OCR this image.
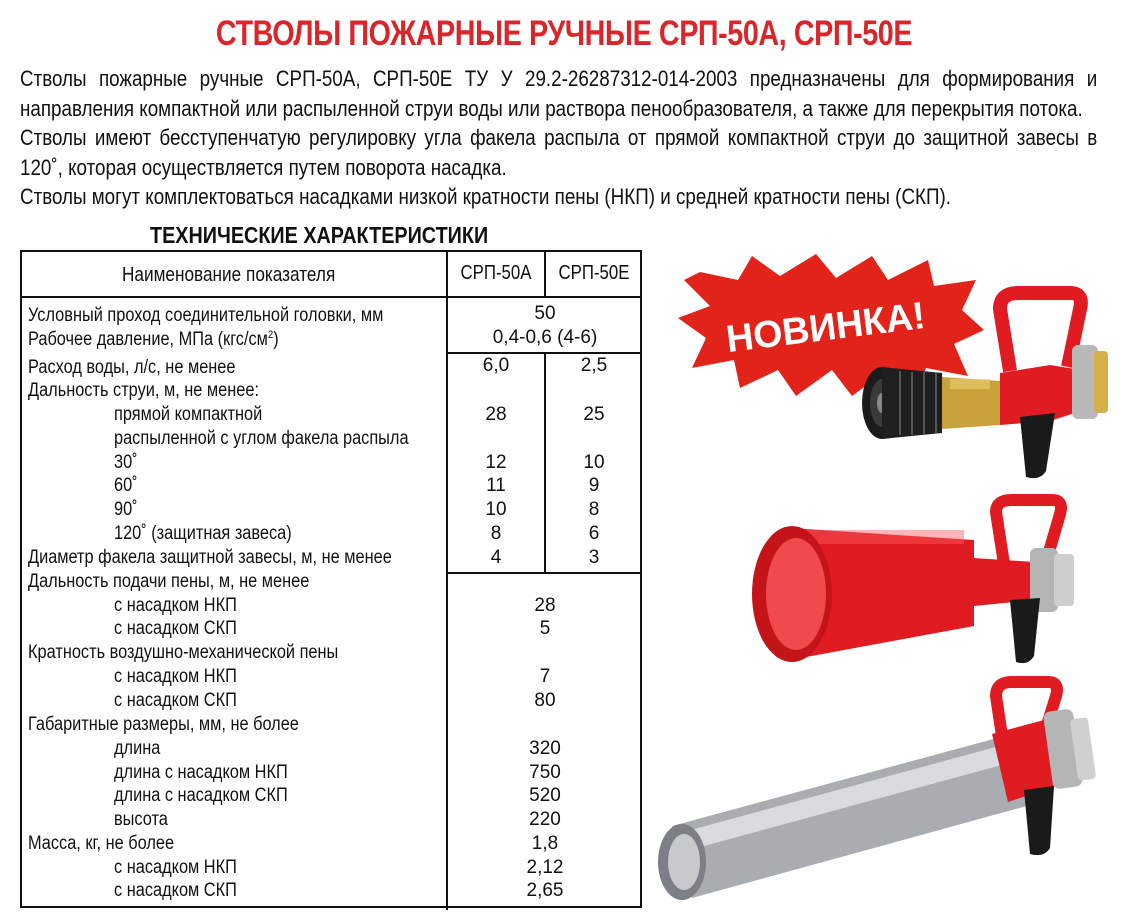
СТВОЛЫ ПОЖАРНЫЕ РУЧНЫЕ СРП-50А, СРП-50Е

Стволы пожарные ручные СРП-50А, СРП-50Е ТУ У 29.2-26287312-014-2003 предназначены для формирования и направления компактной или распыленной струи воды или раствора пенообразователя, а также для перекрытия потока.

Стволы имеют бесступенчатую регулировку угла факела распыла от прямой компактной струи до защитной завесы в 120˚, которая осуществляется путем поворота насадка.

Стволы могут комплектоваться насадками низкой кратности пены (НКП) и средней кратности пены (СКП).

ТЕХНИЧЕСКИЕ ХАРАКТЕРИСТИКИ
Наименование показателя	СРП-50А СРП-50Е
Условный проход соединительной головки, мм	50
Рабочее давление, МПа $(кгс/см^2)$	0,4-0,6 (4-6)
Расход воды, л/с, не менее	6,0	2,5
Дальность струи, м, не менее:
прямой компактной	28	25
распыленной с углом факела распыла
30˚	12	10
60˚	11	9
90˚	10	8
120˚ (защитная завеса)	8	6
Диаметр факела защитной завесы, м, не менее	4	3
Дальность подачи пены, м, не менее
с насадком НКП	28
с насадком СКП	5
Кратность воздушно-механической пены
с насадком НКП	7
с насадком СКП	80
Габаритные размеры, мм, не более
длина	320
длина с насадком НКП	750
длина с насадком СКП	520
высота	220
Масса, кг, не более	1,8
с насадком НКП	2,12
с насадком СКП	2,65
НОВИНКА!
